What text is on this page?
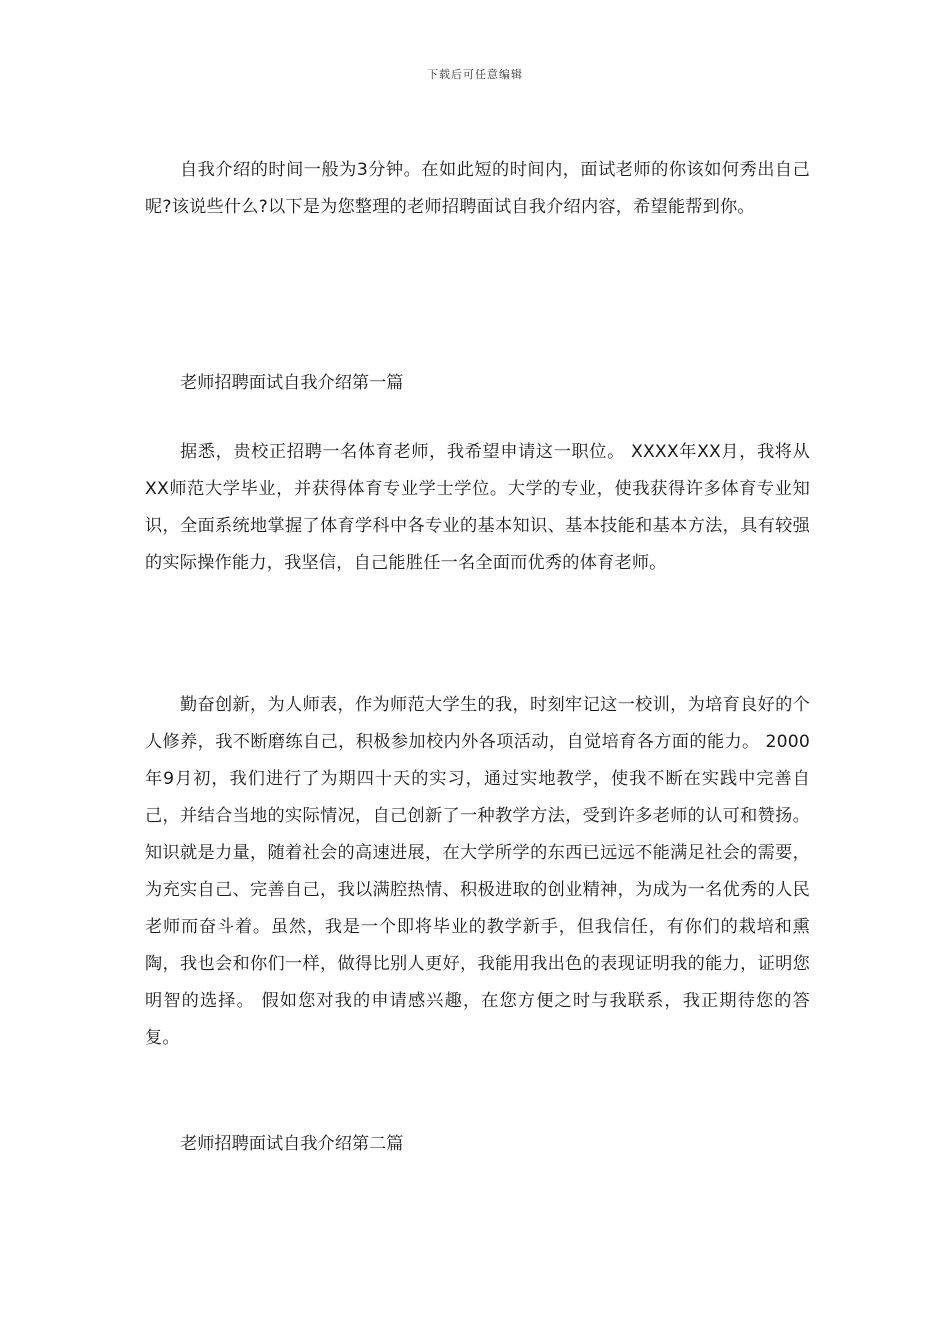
下载后可任意编辑

自我介绍的时间一般为3分钟。在如此短的时间内，面试老师的你该如何秀出自己呢?该说些什么?以下是为您整理的老师招聘面试自我介绍内容，希望能帮到你。

老师招聘面试自我介绍第一篇

据悉，贵校正招聘一名体育老师，我希望申请这一职位。 XXXX年XX月，我将从XX师范大学毕业，并获得体育专业学士学位。大学的专业，使我获得许多体育专业知识，全面系统地掌握了体育学科中各专业的基本知识、基本技能和基本方法，具有较强的实际操作能力，我坚信，自己能胜任一名全面而优秀的体育老师。

勤奋创新，为人师表，作为师范大学生的我，时刻牢记这一校训，为培育良好的个人修养，我不断磨练自己，积极参加校内外各项活动，自觉培育各方面的能力。 2000年9月初，我们进行了为期四十天的实习，通过实地教学，使我不断在实践中完善自己，并结合当地的实际情况，自己创新了一种教学方法，受到许多老师的认可和赞扬。 知识就是力量，随着社会的高速进展，在大学所学的东西已远远不能满足社会的需要，为充实自己、完善自己，我以满腔热情、积极进取的创业精神，为成为一名优秀的人民老师而奋斗着。虽然，我是一个即将毕业的教学新手，但我信任，有你们的栽培和熏陶，我也会和你们一样，做得比别人更好，我能用我出色的表现证明我的能力，证明您明智的选择。 假如您对我的申请感兴趣，在您方便之时与我联系，我正期待您的答复。

老师招聘面试自我介绍第二篇
